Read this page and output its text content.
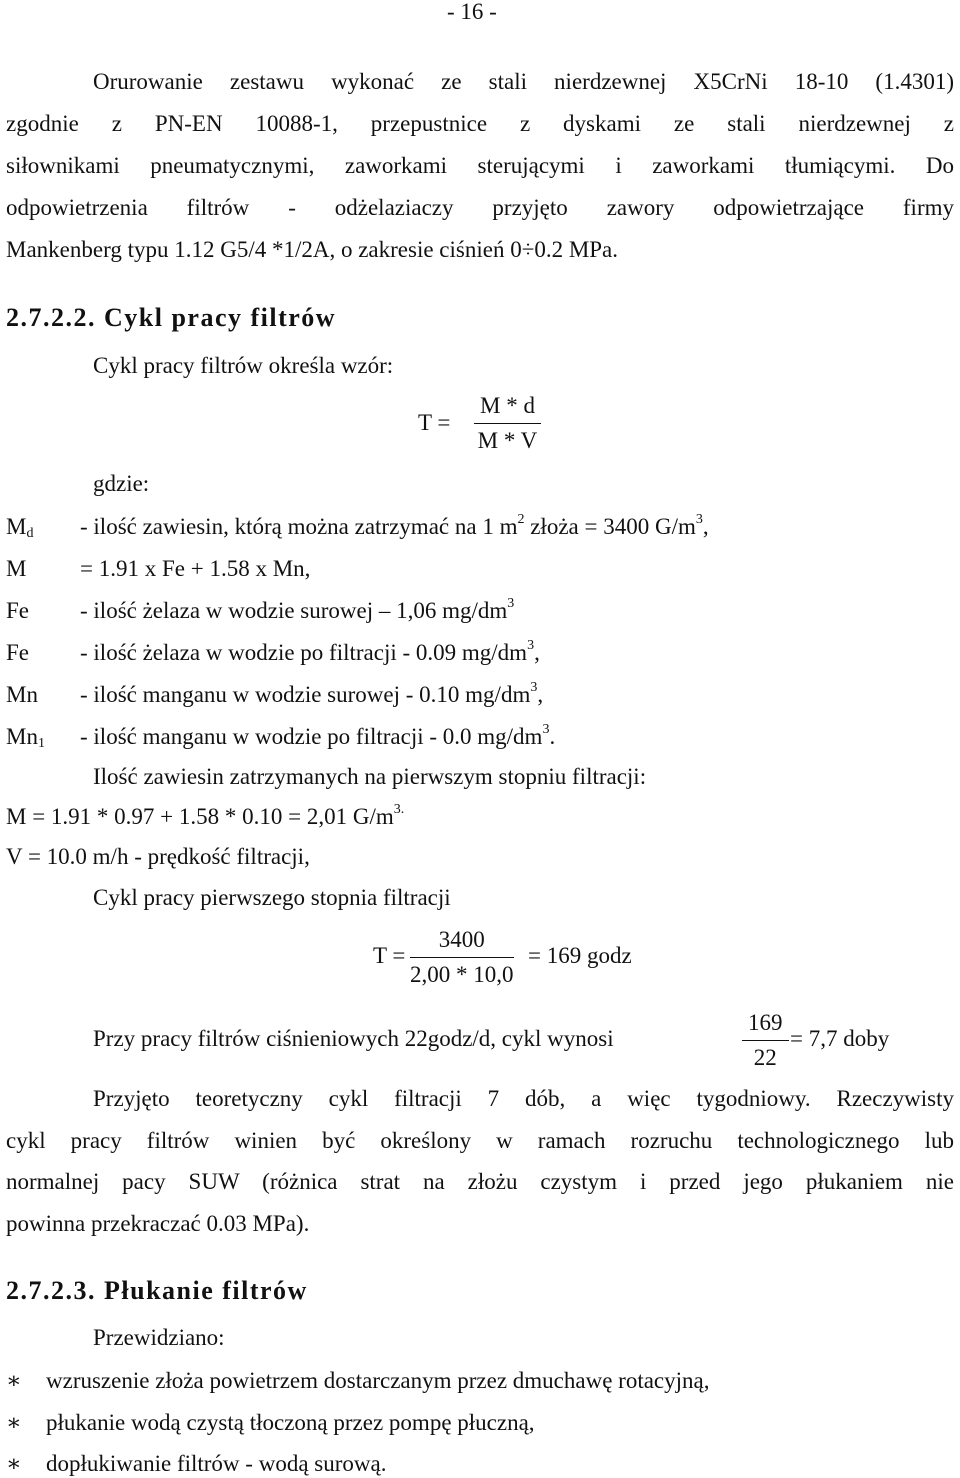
- 16 -
Orurowanie zestawu wykonać ze stali nierdzewnej X5CrNi 18-10 (1.4301)
zgodnie z PN-EN 10088-1, przepustnice z dyskami ze stali nierdzewnej z
siłownikami pneumatycznymi, zaworkami sterującymi i zaworkami tłumiącymi. Do
odpowietrzenia filtrów - odżelaziaczy przyjęto zawory odpowietrzające firmy
Mankenberg typu 1.12 G5/4 *1/2A, o zakresie ciśnień 0÷0.2 MPa.
2.7.2.2. Cykl pracy filtrów
Cykl pracy filtrów określa wzór:
$T = \frac{M * d}{M * V}$
gdzie:
$M_d$ - ilość zawiesin, którą można zatrzymać na 1 $m^2$ złoża = 3400 $G/m^3$,
M = 1.91 x Fe + 1.58 x Mn,
Fe - ilość żelaza w wodzie surowej – 1,06 $mg/dm^3$
Fe - ilość żelaza w wodzie po filtracji - 0.09 $mg/dm^3$,
Mn - ilość manganu w wodzie surowej - 0.10 $mg/dm^3$,
$Mn_1$ - ilość manganu w wodzie po filtracji - 0.0 $mg/dm^3$.
Ilość zawiesin zatrzymanych na pierwszym stopniu filtracji:
M = 1.91 * 0.97 + 1.58 * 0.10 = 2,01 $G/m^{3.}$
V = 10.0 m/h - prędkość filtracji,
Cykl pracy pierwszego stopnia filtracji
$T = \frac{3400}{2,00 * 10,0} = 169$ godz
Przy pracy filtrów ciśnieniowych 22godz/d, cykl wynosi	$\frac{169}{22} = 7,7$ doby
Przyjęto teoretyczny cykl filtracji 7 dób, a więc tygodniowy. Rzeczywisty
cykl pracy filtrów winien być określony w ramach rozruchu technologicznego lub
normalnej pacy SUW (różnica strat na złożu czystym i przed jego płukaniem nie
powinna przekraczać 0.03 MPa).
2.7.2.3. Płukanie filtrów
Przewidziano:
∗ wzruszenie złoża powietrzem dostarczanym przez dmuchawę rotacyjną,
∗ płukanie wodą czystą tłoczoną przez pompę płuczną,
∗ dopłukiwanie filtrów - wodą surową.
